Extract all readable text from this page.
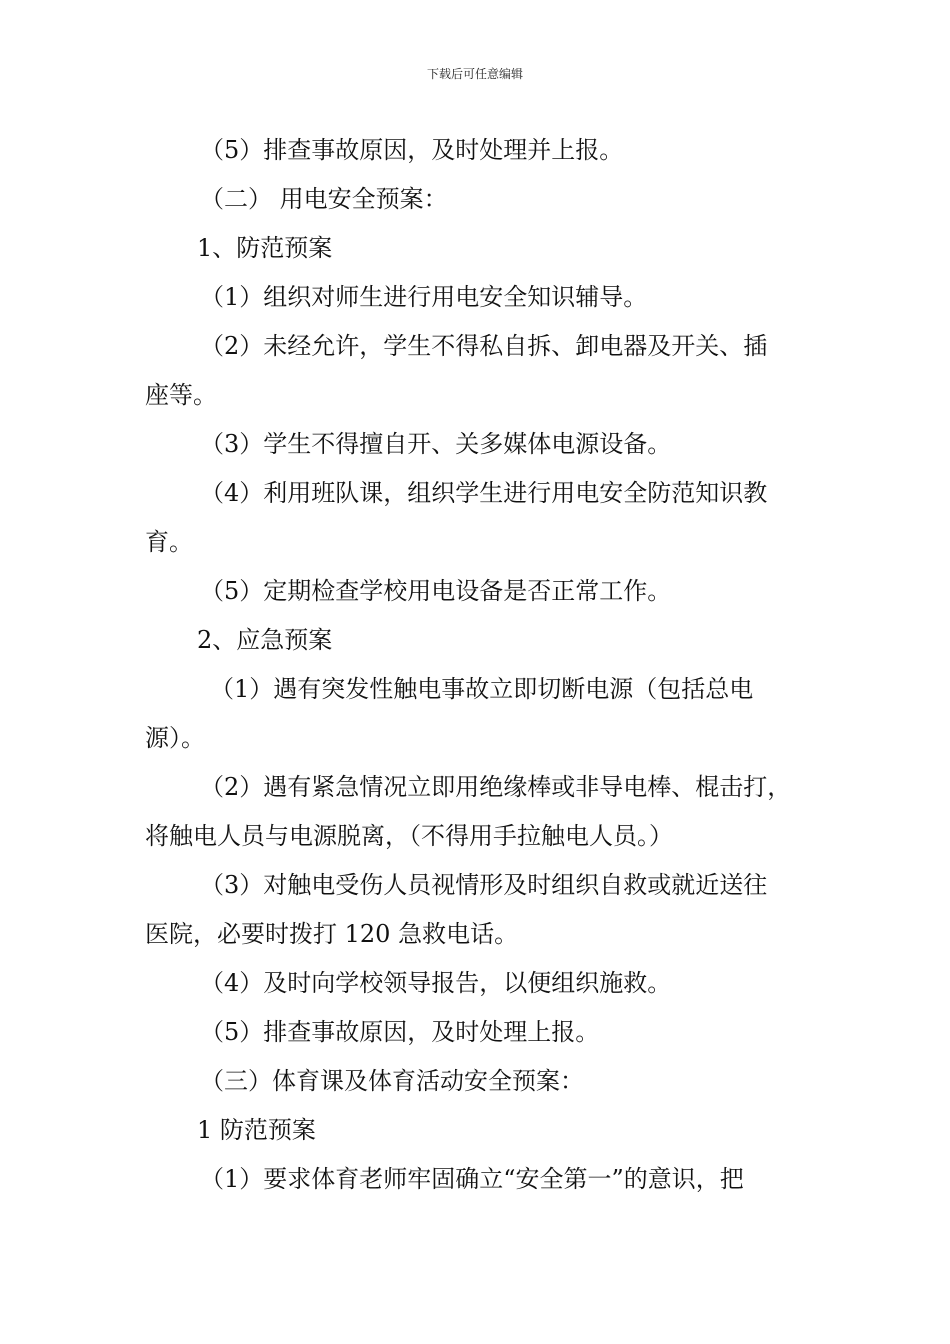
下载后可任意编辑

（5）排查事故原因，及时处理并上报。

（二） 用电安全预案：

1、防范预案

（1）组织对师生进行用电安全知识辅导。

（2）未经允许，学生不得私自拆、卸电器及开关、插

座等。

（3）学生不得擅自开、关多媒体电源设备。

（4）利用班队课，组织学生进行用电安全防范知识教

育。

（5）定期检查学校用电设备是否正常工作。

2、应急预案

（1）遇有突发性触电事故立即切断电源（包括总电

源）。

（2）遇有紧急情况立即用绝缘棒或非导电棒、棍击打，

将触电人员与电源脱离，（不得用手拉触电人员。）

（3）对触电受伤人员视情形及时组织自救或就近送往

医院，必要时拨打 120 急救电话。

（4）及时向学校领导报告，以便组织施救。

（5）排查事故原因，及时处理上报。

（三）体育课及体育活动安全预案：

1 防范预案

（1）要求体育老师牢固确立“安全第一”的意识，把
